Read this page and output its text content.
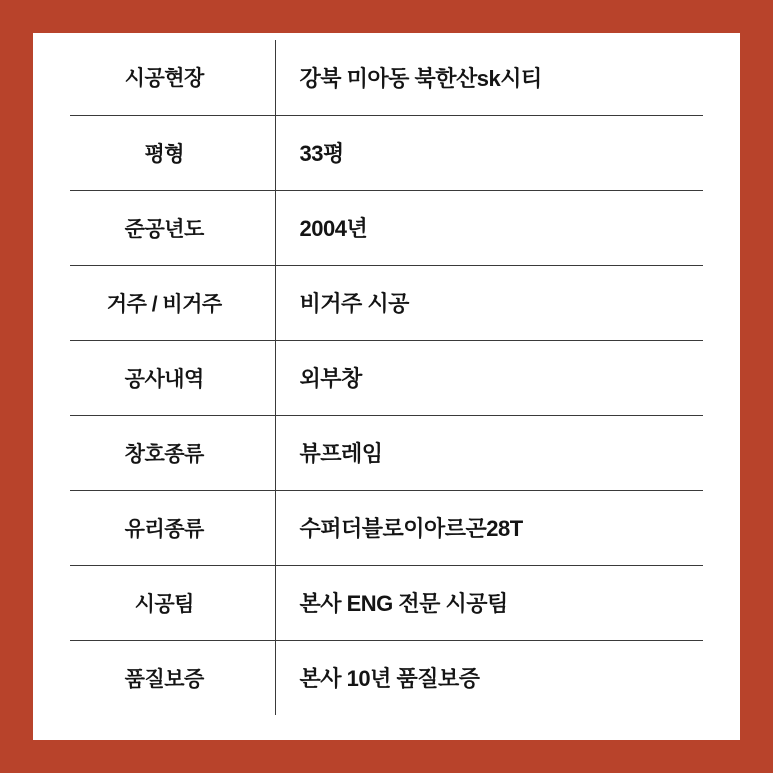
시공현장	강북 미아동 북한산sk시티
평형	33평
준공년도	2004년
거주 / 비거주	비거주 시공
공사내역	외부창
창호종류	뷰프레임
유리종류	수퍼더블로이아르곤28T
시공팀	본사 ENG 전문 시공팀
품질보증	본사 10년 품질보증
